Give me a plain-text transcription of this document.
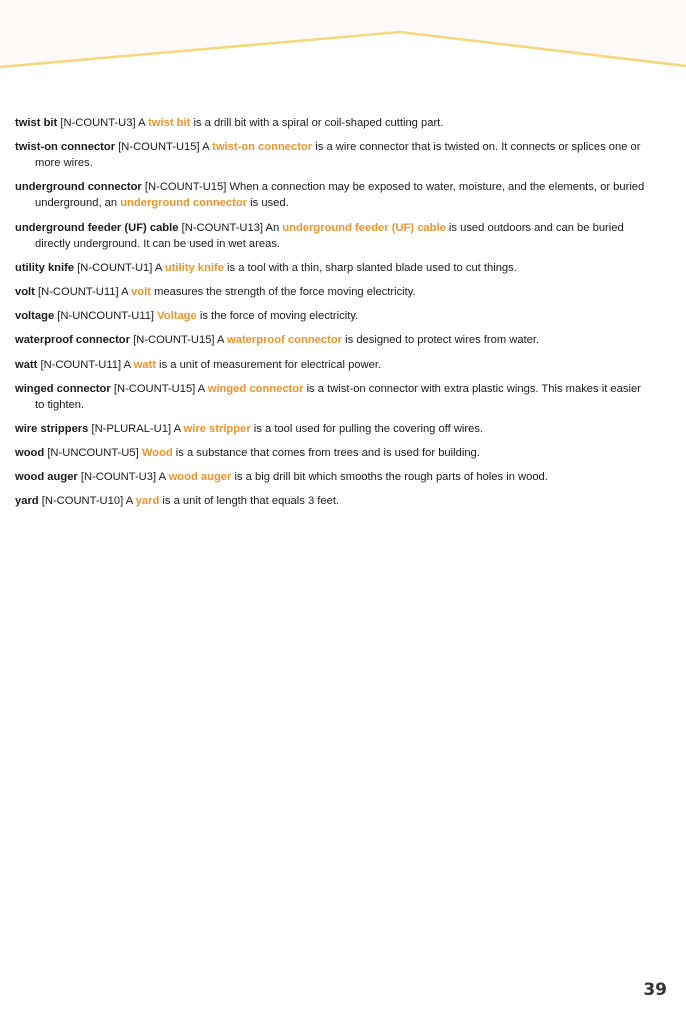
twist bit [N-COUNT-U3] A twist bit is a drill bit with a spiral or coil-shaped cutting part.

twist-on connector [N-COUNT-U15] A twist-on connector is a wire connector that is twisted on. It connects or splices one or more wires.

underground connector [N-COUNT-U15] When a connection may be exposed to water, moisture, and the elements, or buried underground, an underground connector is used.

underground feeder (UF) cable [N-COUNT-U13] An underground feeder (UF) cable is used outdoors and can be buried directly underground. It can be used in wet areas.

utility knife [N-COUNT-U1] A utility knife is a tool with a thin, sharp slanted blade used to cut things.

volt [N-COUNT-U11] A volt measures the strength of the force moving electricity.

voltage [N-UNCOUNT-U11] Voltage is the force of moving electricity.

waterproof connector [N-COUNT-U15] A waterproof connector is designed to protect wires from water.

watt [N-COUNT-U11] A watt is a unit of measurement for electrical power.

winged connector [N-COUNT-U15] A winged connector is a twist-on connector with extra plastic wings. This makes it easier to tighten.

wire strippers [N-PLURAL-U1] A wire stripper is a tool used for pulling the covering off wires.

wood [N-UNCOUNT-U5] Wood is a substance that comes from trees and is used for building.

wood auger [N-COUNT-U3] A wood auger is a big drill bit which smooths the rough parts of holes in wood.

yard [N-COUNT-U10] A yard is a unit of length that equals 3 feet.

39
